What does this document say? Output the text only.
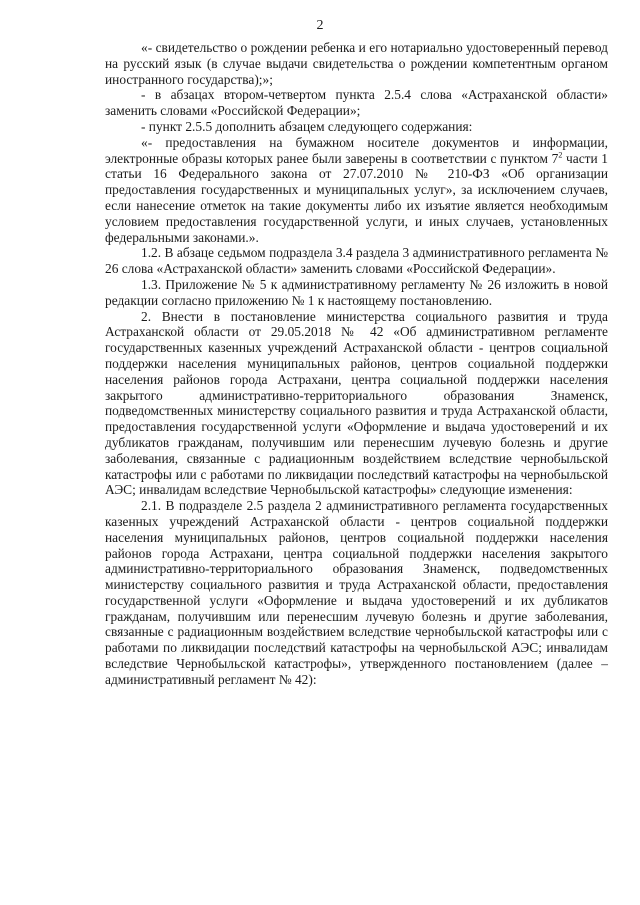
2

«- свидетельство о рождении ребенка и его нотариально удостоверенный перевод на русский язык (в случае выдачи свидетельства о рождении компетентным органом иностранного государства);»;

- в абзацах втором-четвертом пункта 2.5.4 слова «Астраханской области» заменить словами «Российской Федерации»;

- пункт 2.5.5 дополнить абзацем следующего содержания:

«- предоставления на бумажном носителе документов и информации, электронные образы которых ранее были заверены в соответствии с пунктом $7^2$ части 1 статьи 16 Федерального закона от 27.07.2010 № 210-ФЗ «Об организации предоставления государственных и муниципальных услуг», за исключением случаев, если нанесение отметок на такие документы либо их изъятие является необходимым условием предоставления государственной услуги, и иных случаев, установленных федеральными законами.».

1.2. В абзаце седьмом подраздела 3.4 раздела 3 административного регламента № 26 слова «Астраханской области» заменить словами «Российской Федерации».

1.3. Приложение № 5 к административному регламенту № 26 изложить в новой редакции согласно приложению № 1 к настоящему постановлению.

2. Внести в постановление министерства социального развития и труда Астраханской области от 29.05.2018 № 42 «Об административном регламенте государственных казенных учреждений Астраханской области - центров социальной поддержки населения муниципальных районов, центров социальной поддержки населения районов города Астрахани, центра социальной поддержки населения закрытого административно-территориального образования Знаменск, подведомственных министерству социального развития и труда Астраханской области, предоставления государственной услуги «Оформление и выдача удостоверений и их дубликатов гражданам, получившим или перенесшим лучевую болезнь и другие заболевания, связанные с радиационным воздействием вследствие чернобыльской катастрофы или с работами по ликвидации последствий катастрофы на чернобыльской АЭС; инвалидам вследствие Чернобыльской катастрофы» следующие изменения:

2.1. В подразделе 2.5 раздела 2 административного регламента государственных казенных учреждений Астраханской области - центров социальной поддержки населения муниципальных районов, центров социальной поддержки населения районов города Астрахани, центра социальной поддержки населения закрытого административно-территориального образования Знаменск, подведомственных министерству социального развития и труда Астраханской области, предоставления государственной услуги «Оформление и выдача удостоверений и их дубликатов гражданам, получившим или перенесшим лучевую болезнь и другие заболевания, связанные с радиационным воздействием вследствие чернобыльской катастрофы или с работами по ликвидации последствий катастрофы на чернобыльской АЭС; инвалидам вследствие Чернобыльской катастрофы», утвержденного постановлением (далее – административный регламент № 42):
